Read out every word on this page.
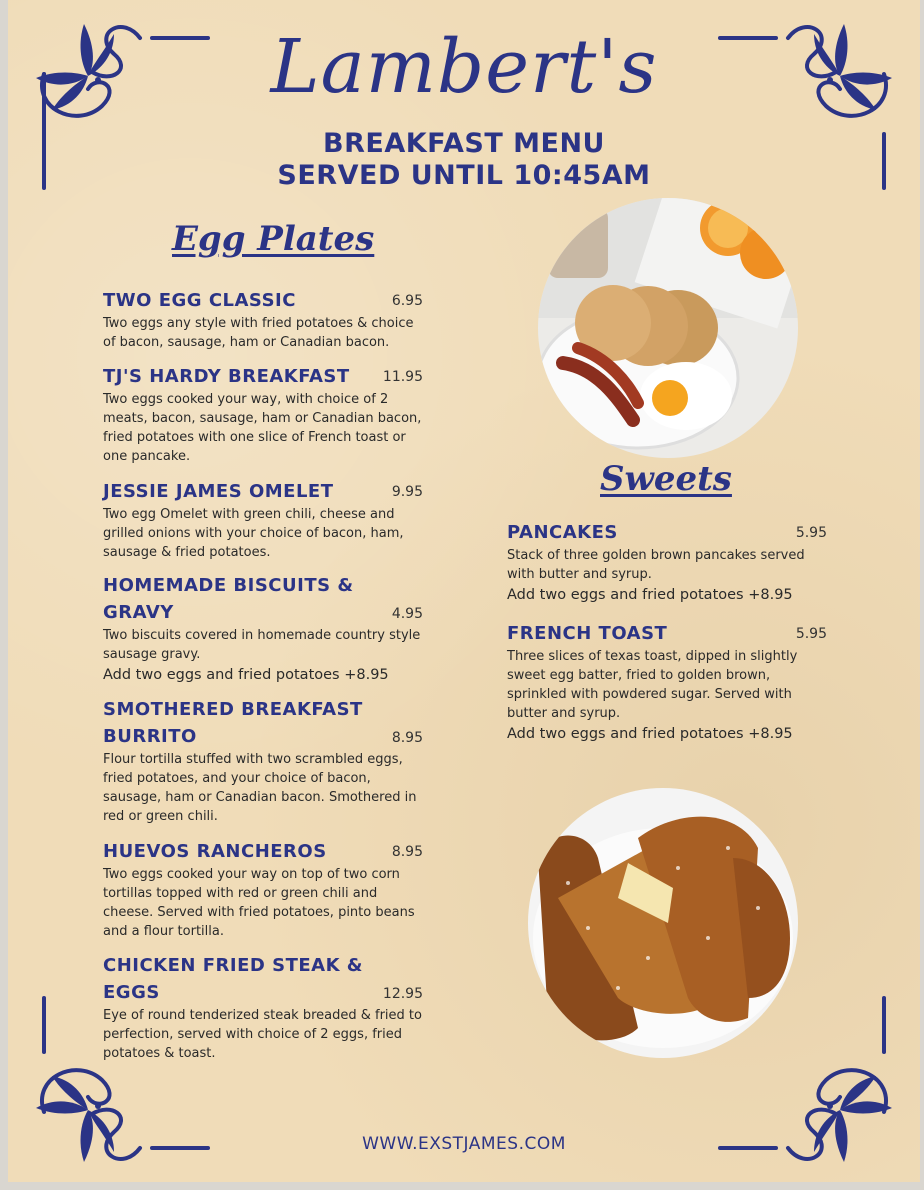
Lambert's
BREAKFAST MENU
SERVED UNTIL 10:45AM
Egg Plates
Sweets
6.95
TWO EGG CLASSIC
Two eggs any style with fried potatoes & choice of bacon, sausage, ham or Canadian bacon.
11.95
TJ'S HARDY BREAKFAST
Two eggs cooked your way, with choice of 2 meats, bacon, sausage, ham or Canadian bacon, fried potatoes with one slice of French toast or one pancake.
9.95
JESSIE JAMES OMELET
Two egg Omelet with green chili, cheese and grilled onions with your choice of bacon, ham, sausage & fried potatoes.
4.95
HOMEMADE BISCUITS & GRAVY
Two biscuits covered in homemade country style sausage gravy.
Add two eggs and fried potatoes +8.95
8.95
SMOTHERED BREAKFAST BURRITO
Flour tortilla stuffed with two scrambled eggs, fried potatoes, and your choice of bacon, sausage, ham or Canadian bacon. Smothered in red or green chili.
8.95
HUEVOS RANCHEROS
Two eggs cooked your way on top of two corn tortillas topped with red or green chili and cheese. Served with fried potatoes, pinto beans and a flour tortilla.
12.95
CHICKEN FRIED STEAK & EGGS
Eye of round tenderized steak breaded & fried to perfection, served with choice of 2 eggs, fried potatoes & toast.
5.95
PANCAKES
Stack of three golden brown pancakes served with butter and syrup.
Add two eggs and fried potatoes +8.95
5.95
FRENCH TOAST
Three slices of texas toast, dipped in slightly sweet egg batter, fried to golden brown, sprinkled with powdered sugar. Served with butter and syrup.
Add two eggs and fried potatoes +8.95
WWW.EXSTJAMES.COM
